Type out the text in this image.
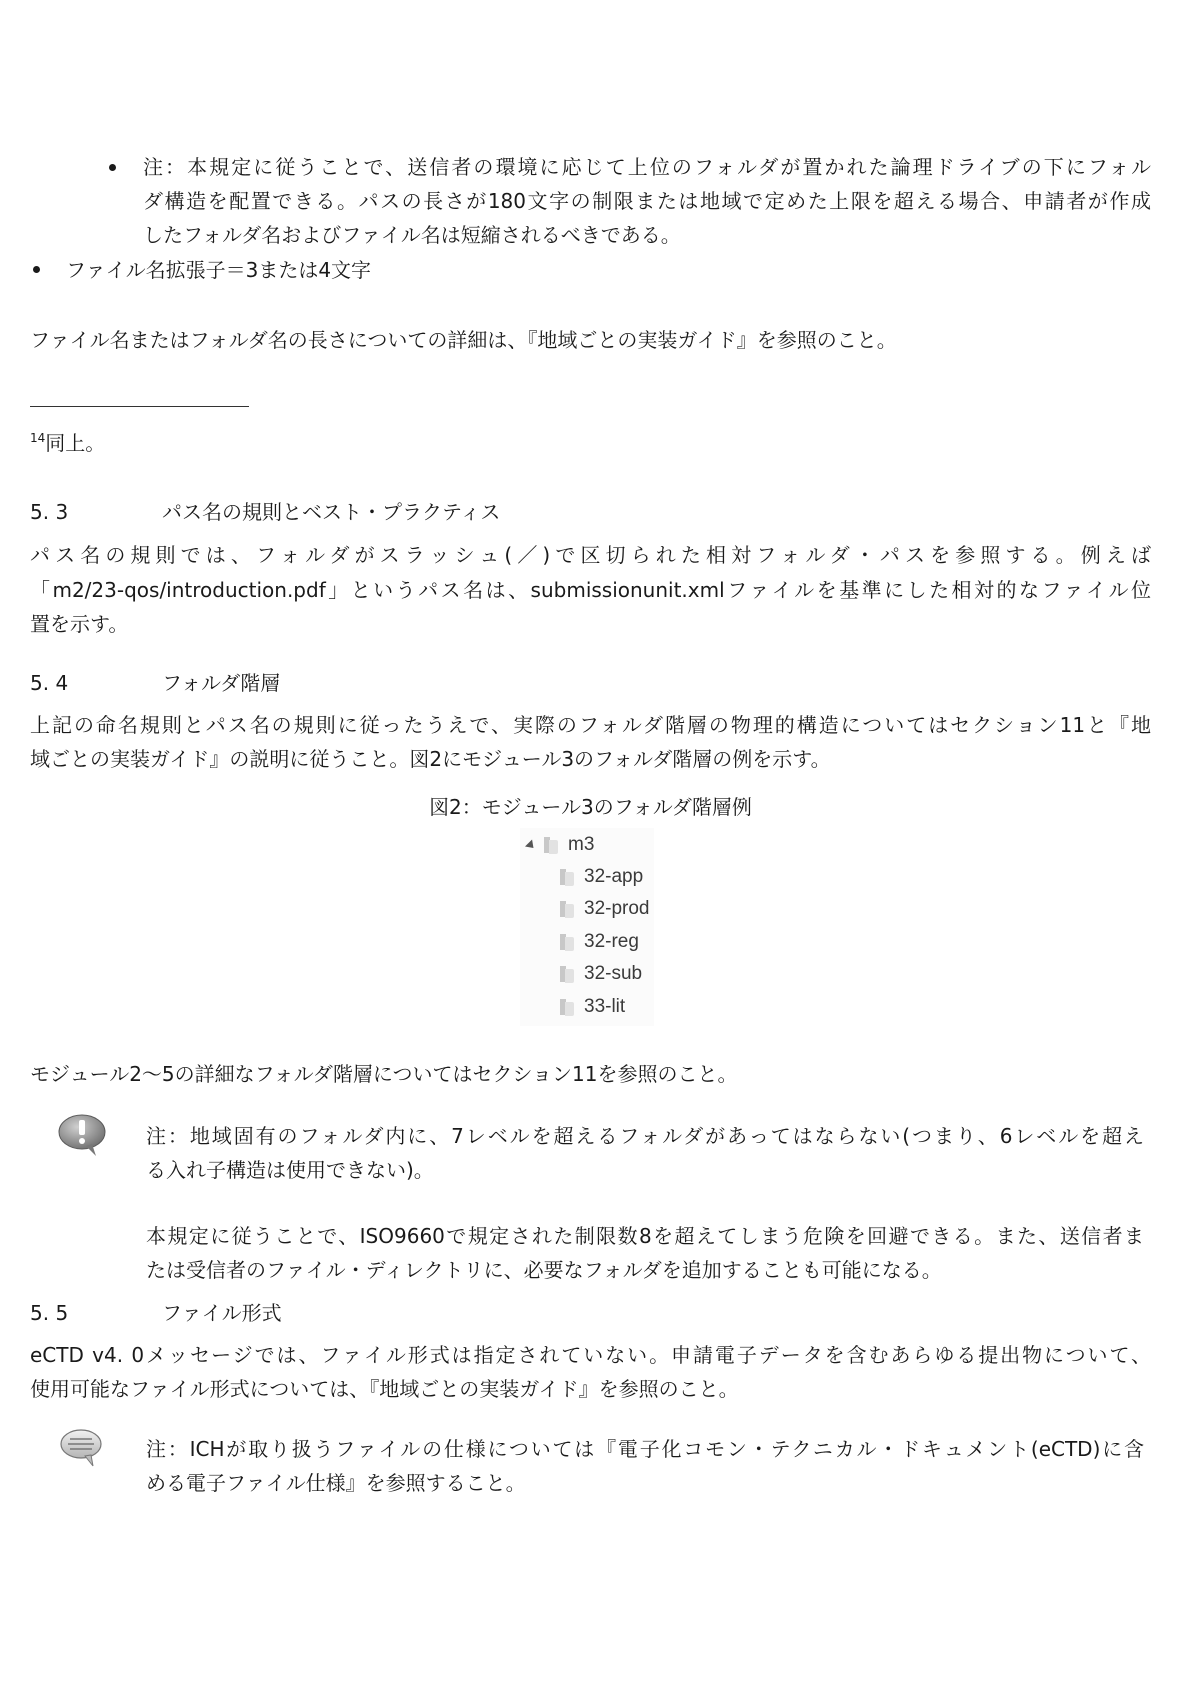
注：本規定に従うことで、送信者の環境に応じて上位のフォルダが置かれた論理ドライブの下にフォル
ダ構造を配置できる。パスの長さが180文字の制限または地域で定めた上限を超える場合、申請者が作成
したフォルダ名およびファイル名は短縮されるべきである。
ファイル名拡張子＝3または4文字
ファイル名またはフォルダ名の長さについての詳細は、『地域ごとの実装ガイド』を参照のこと。
$^{14}$同上。
5. 3	パス名の規則とベスト・プラクティス
パス名の規則では、フォルダがスラッシュ(／)で区切られた相対フォルダ・パスを参照する。例えば
「m2/23-qos/introduction.pdf」というパス名は、submissionunit.xmlファイルを基準にした相対的なファイル位
置を示す。
5. 4	フォルダ階層
上記の命名規則とパス名の規則に従ったうえで、実際のフォルダ階層の物理的構造についてはセクション11と『地
域ごとの実装ガイド』の説明に従うこと。図2にモジュール3のフォルダ階層の例を示す。
図2：モジュール3のフォルダ階層例
m3
32-app
32-prod
32-reg
32-sub
33-lit
モジュール2～5の詳細なフォルダ階層についてはセクション11を参照のこと。
注：地域固有のフォルダ内に、7レベルを超えるフォルダがあってはならない(つまり、6レベルを超え
る入れ子構造は使用できない)。
本規定に従うことで、ISO9660で規定された制限数8を超えてしまう危険を回避できる。また、送信者ま
たは受信者のファイル・ディレクトリに、必要なフォルダを追加することも可能になる。
5. 5	ファイル形式
eCTD v4. 0メッセージでは、ファイル形式は指定されていない。申請電子データを含むあらゆる提出物について、
使用可能なファイル形式については、『地域ごとの実装ガイド』を参照のこと。
注：ICHが取り扱うファイルの仕様については『電子化コモン・テクニカル・ドキュメント(eCTD)に含
める電子ファイル仕様』を参照すること。
